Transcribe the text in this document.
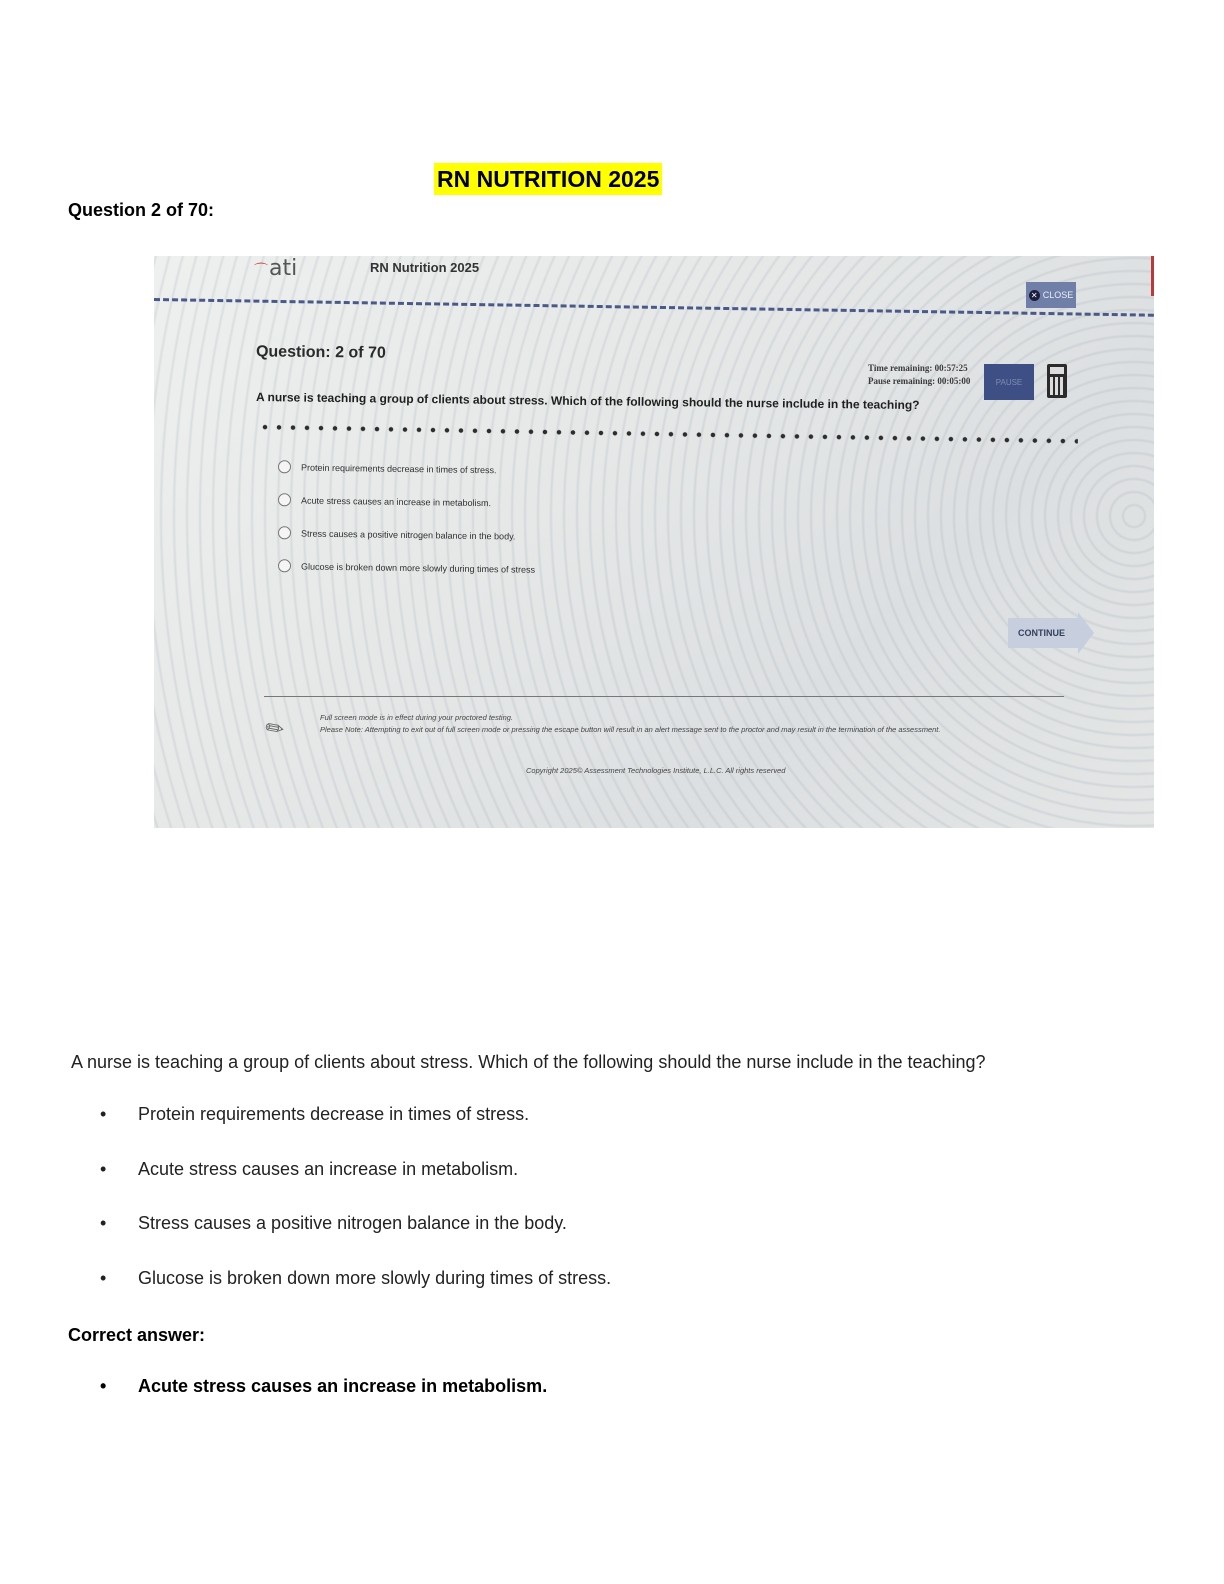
RN NUTRITION 2025
Question 2 of 70:
⌒ati	RN Nutrition 2025
✕ CLOSE
Question: 2 of 70
Time remaining: 00:57:25
Pause remaining: 00:05:00	PAUSE
A nurse is teaching a group of clients about stress. Which of the following should the nurse include in the teaching?
Protein requirements decrease in times of stress.
Acute stress causes an increase in metabolism.
Stress causes a positive nitrogen balance in the body.
Glucose is broken down more slowly during times of stress
CONTINUE
✎	Full screen mode is in effect during your proctored testing.
Please Note: Attempting to exit out of full screen mode or pressing the escape button will result in an alert message sent to the proctor and may result in the termination of the assessment.
Copyright 2025© Assessment Technologies Institute, L.L.C. All rights reserved
A nurse is teaching a group of clients about stress. Which of the following should the nurse include in the teaching?
•	Protein requirements decrease in times of stress.
•	Acute stress causes an increase in metabolism.
•	Stress causes a positive nitrogen balance in the body.
•	Glucose is broken down more slowly during times of stress.
Correct answer:
•	Acute stress causes an increase in metabolism.
